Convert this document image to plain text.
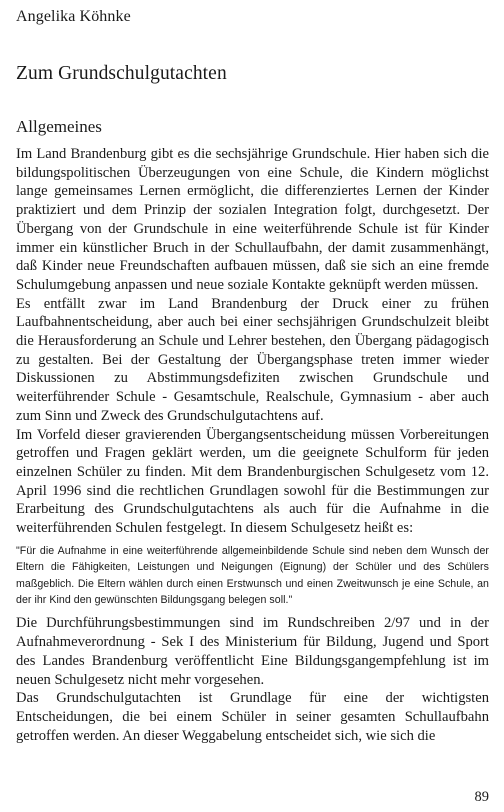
Angelika Köhnke
Zum Grundschulgutachten
Allgemeines

Im Land Brandenburg gibt es die sechsjährige Grundschule. Hier haben sich die bildungspolitischen Überzeugungen von eine Schule, die Kindern möglichst lange gemeinsames Lernen ermöglicht, die differenziertes Lernen der Kinder praktiziert und dem Prinzip der sozialen Integration folgt, durchgesetzt. Der Übergang von der Grundschule in eine weiterführende Schule ist für Kinder immer ein künstlicher Bruch in der Schullaufbahn, der damit zusammenhängt, daß Kinder neue Freundschaften aufbauen müssen, daß sie sich an eine fremde Schulumgebung anpassen und neue soziale Kontakte geknüpft werden müssen.

Es entfällt zwar im Land Brandenburg der Druck einer zu frühen Laufbahnentscheidung, aber auch bei einer sechsjährigen Grundschulzeit bleibt die Herausforderung an Schule und Lehrer bestehen, den Übergang pädagogisch zu gestalten. Bei der Gestaltung der Übergangsphase treten immer wieder Diskussionen zu Abstimmungsdefiziten zwischen Grundschule und weiterführender Schule - Gesamtschule, Realschule, Gymnasium - aber auch zum Sinn und Zweck des Grundschulgutachtens auf.

Im Vorfeld dieser gravierenden Übergangsentscheidung müssen Vorbereitungen getroffen und Fragen geklärt werden, um die geeignete Schulform für jeden einzelnen Schüler zu finden. Mit dem Brandenburgischen Schulgesetz vom 12. April 1996 sind die rechtlichen Grundlagen sowohl für die Bestimmungen zur Erarbeitung des Grundschulgutachtens als auch für die Aufnahme in die weiterführenden Schulen festgelegt. In diesem Schulgesetz heißt es:

"Für die Aufnahme in eine weiterführende allgemeinbildende Schule sind neben dem Wunsch der Eltern die Fähigkeiten, Leistungen und Neigungen (Eignung) der Schüler und des Schülers maßgeblich. Die Eltern wählen durch einen Erstwunsch und einen Zweitwunsch je eine Schule, an der ihr Kind den gewünschten Bildungsgang belegen soll."

Die Durchführungsbestimmungen sind im Rundschreiben 2/97 und in der Aufnahmeverordnung - Sek I des Ministerium für Bildung, Jugend und Sport des Landes Brandenburg veröffentlicht Eine Bildungsgangempfehlung ist im neuen Schulgesetz nicht mehr vorgesehen.

Das Grundschulgutachten ist Grundlage für eine der wichtigsten Entscheidungen, die bei einem Schüler in seiner gesamten Schullaufbahn getroffen werden. An dieser Weggabelung entscheidet sich, wie sich die

89
